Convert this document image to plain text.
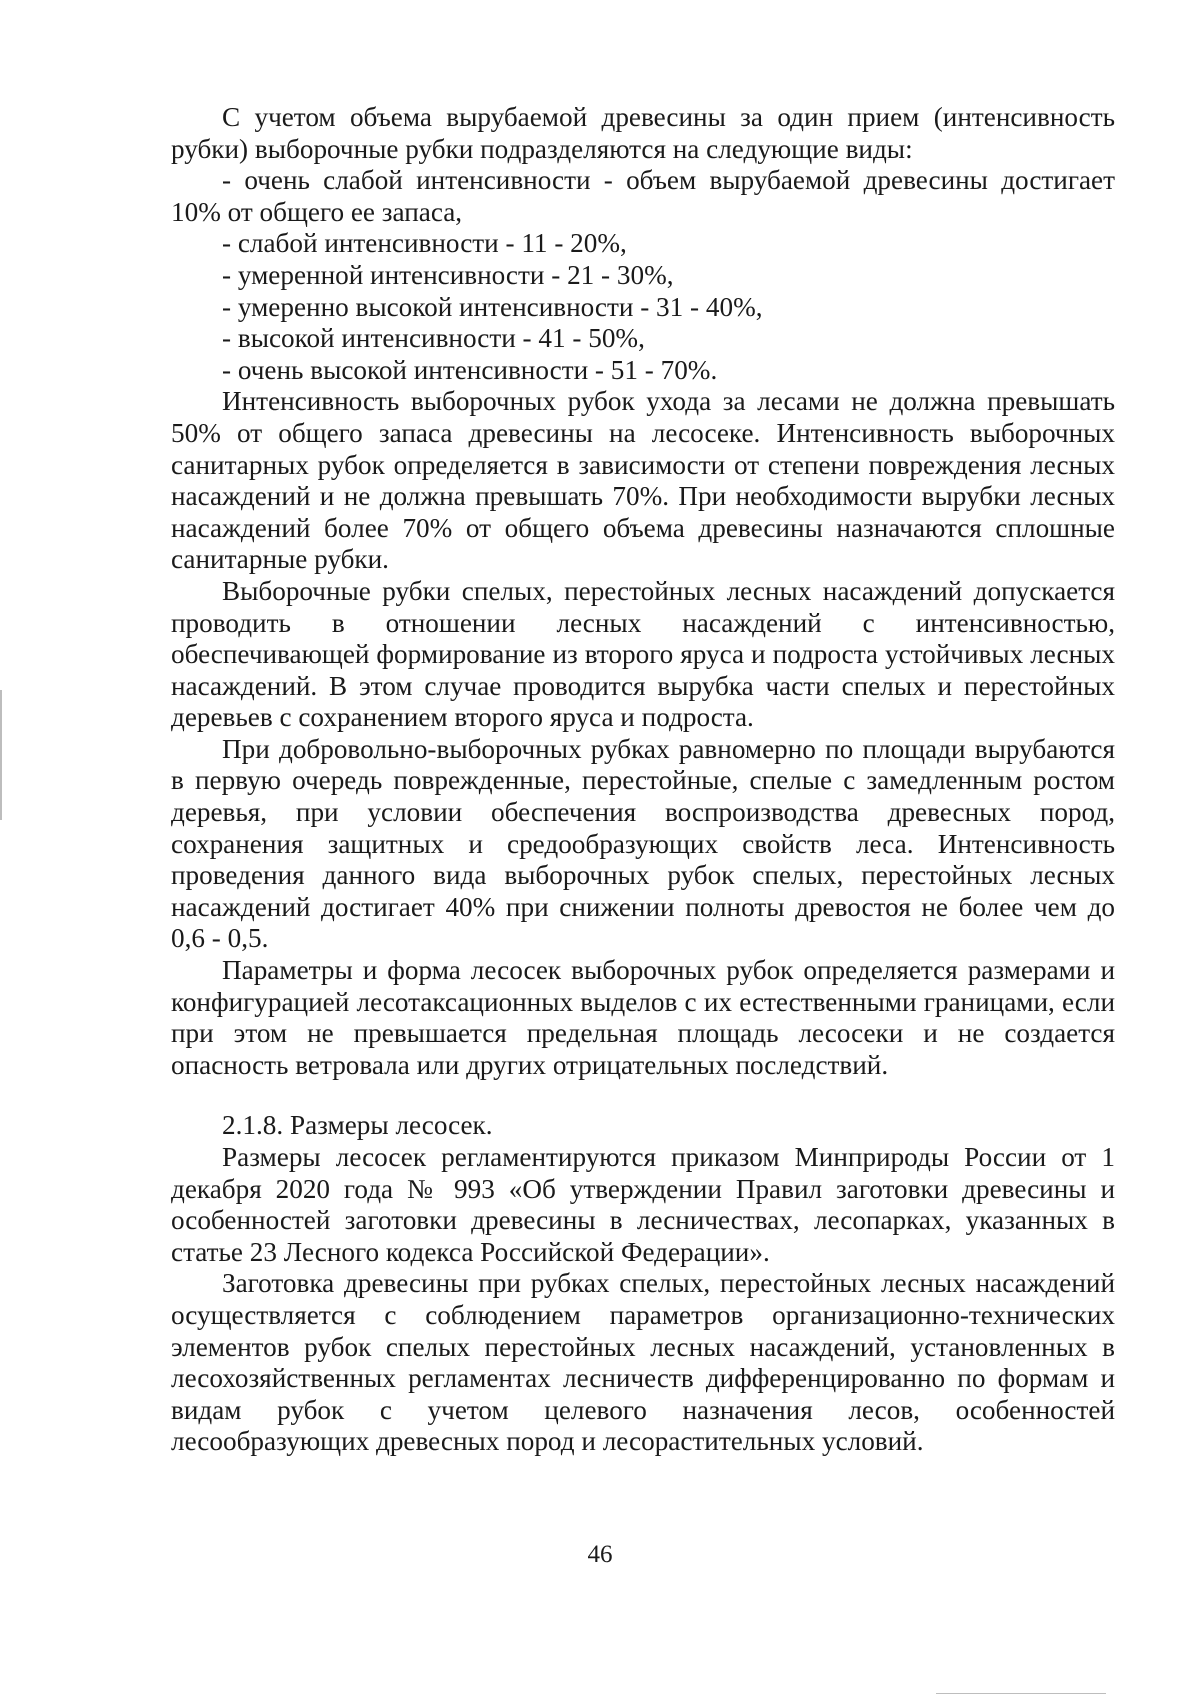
С учетом объема вырубаемой древесины за один прием (интенсивность рубки) выборочные рубки подразделяются на следующие виды:

- очень слабой интенсивности - объем вырубаемой древесины достигает 10% от общего ее запаса,

- слабой интенсивности - 11 - 20%,

- умеренной интенсивности - 21 - 30%,

- умеренно высокой интенсивности - 31 - 40%,

- высокой интенсивности - 41 - 50%,

- очень высокой интенсивности - 51 - 70%.

Интенсивность выборочных рубок ухода за лесами не должна превышать 50% от общего запаса древесины на лесосеке. Интенсивность выборочных санитарных рубок определяется в зависимости от степени повреждения лесных насаждений и не должна превышать 70%. При необходимости вырубки лесных насаждений более 70% от общего объема древесины назначаются сплошные санитарные рубки.

Выборочные рубки спелых, перестойных лесных насаждений допускается проводить в отношении лесных насаждений с интенсивностью, обеспечивающей формирование из второго яруса и подроста устойчивых лесных насаждений. В этом случае проводится вырубка части спелых и перестойных деревьев с сохранением второго яруса и подроста.

При добровольно-выборочных рубках равномерно по площади вырубаются в первую очередь поврежденные, перестойные, спелые с замедленным ростом деревья, при условии обеспечения воспроизводства древесных пород, сохранения защитных и средообразующих свойств леса. Интенсивность проведения данного вида выборочных рубок спелых, перестойных лесных насаждений достигает 40% при снижении полноты древостоя не более чем до 0,6 - 0,5.

Параметры и форма лесосек выборочных рубок определяется размерами и конфигурацией лесотаксационных выделов с их естественными границами, если при этом не превышается предельная площадь лесосеки и не создается опасность ветровала или других отрицательных последствий.

2.1.8. Размеры лесосек.

Размеры лесосек регламентируются приказом Минприроды России от 1 декабря 2020 года № 993 «Об утверждении Правил заготовки древесины и особенностей заготовки древесины в лесничествах, лесопарках, указанных в статье 23 Лесного кодекса Российской Федерации».

Заготовка древесины при рубках спелых, перестойных лесных насаждений осуществляется с соблюдением параметров организационно-технических элементов рубок спелых перестойных лесных насаждений, установленных в лесохозяйственных регламентах лесничеств дифференцированно по формам и видам рубок с учетом целевого назначения лесов, особенностей лесообразующих древесных пород и лесорастительных условий.

46
